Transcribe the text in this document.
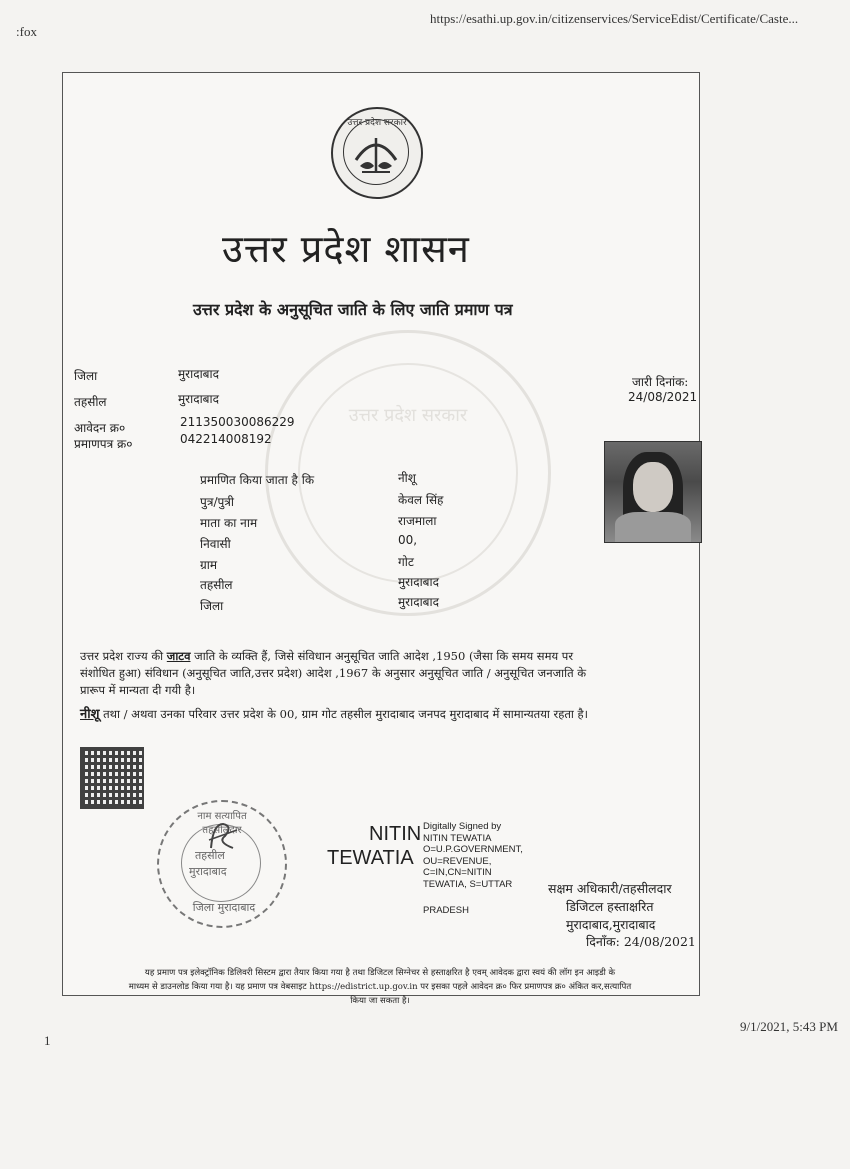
:fox
https://esathi.up.gov.in/citizenservices/ServiceEdist/Certificate/Caste...
1
9/1/2021, 5:43 PM
उत्तर प्रदेश सरकार
उत्तर प्रदेश सरकार
उत्तर प्रदेश शासन
उत्तर प्रदेश के अनुसूचित जाति के लिए जाति प्रमाण पत्र
जिला	मुरादाबाद
तहसील	मुरादाबाद
आवेदन क्र०	211350030086229
प्रमाणपत्र क्र०	042214008192
जारी दिनांक:
24/08/2021
प्रमाणित किया जाता है कि	नीशू
पुत्र/पुत्री	केवल सिंह
माता का नाम	राजमाला
निवासी	00,
ग्राम	गोट
तहसील	मुरादाबाद
जिला	मुरादाबाद
उत्तर प्रदेश राज्य की जाटव जाति के व्यक्ति हैं, जिसे संविधान अनुसूचित जाति आदेश ,1950 (जैसा कि समय समय पर
संशोधित हुआ) संविधान (अनुसूचित जाति,उत्तर प्रदेश) आदेश ,1967 के अनुसार अनुसूचित जाति / अनुसूचित जनजाति के
प्रारूप में मान्यता दी गयी है।
नीशू तथा / अथवा उनका परिवार उत्तर प्रदेश के 00, ग्राम गोट तहसील मुरादाबाद जनपद मुरादाबाद में सामान्यतया रहता है।
नाम सत्यापित तहसीलदार
तहसील
मुरादाबाद
जिला मुरादाबाद
NITIN
TEWATIA
Digitally Signed by
NITIN TEWATIA
O=U.P.GOVERNMENT,
OU=REVENUE,
C=IN,CN=NITIN
TEWATIA, S=UTTAR
PRADESH
सक्षम अधिकारी/तहसीलदार
डिजिटल हस्ताक्षरित
मुरादाबाद,मुरादाबाद
दिनाँक: 24/08/2021
यह प्रमाण पत्र इलेक्ट्रॉनिक डिलिवरी सिस्टम द्वारा तैयार किया गया है तथा डिजिटल सिग्नेचर से हस्ताक्षरित है एवम् आवेदक द्वारा स्वयं की लॉग इन आइडी के
माध्यम से डाउनलोड किया गया है। यह प्रमाण पत्र वेबसाइट https://edistrict.up.gov.in पर इसका पहले आवेदन क्र० फिर प्रमाणपत्र क्र० अंकित कर,सत्यापित
किया जा सकता है।
